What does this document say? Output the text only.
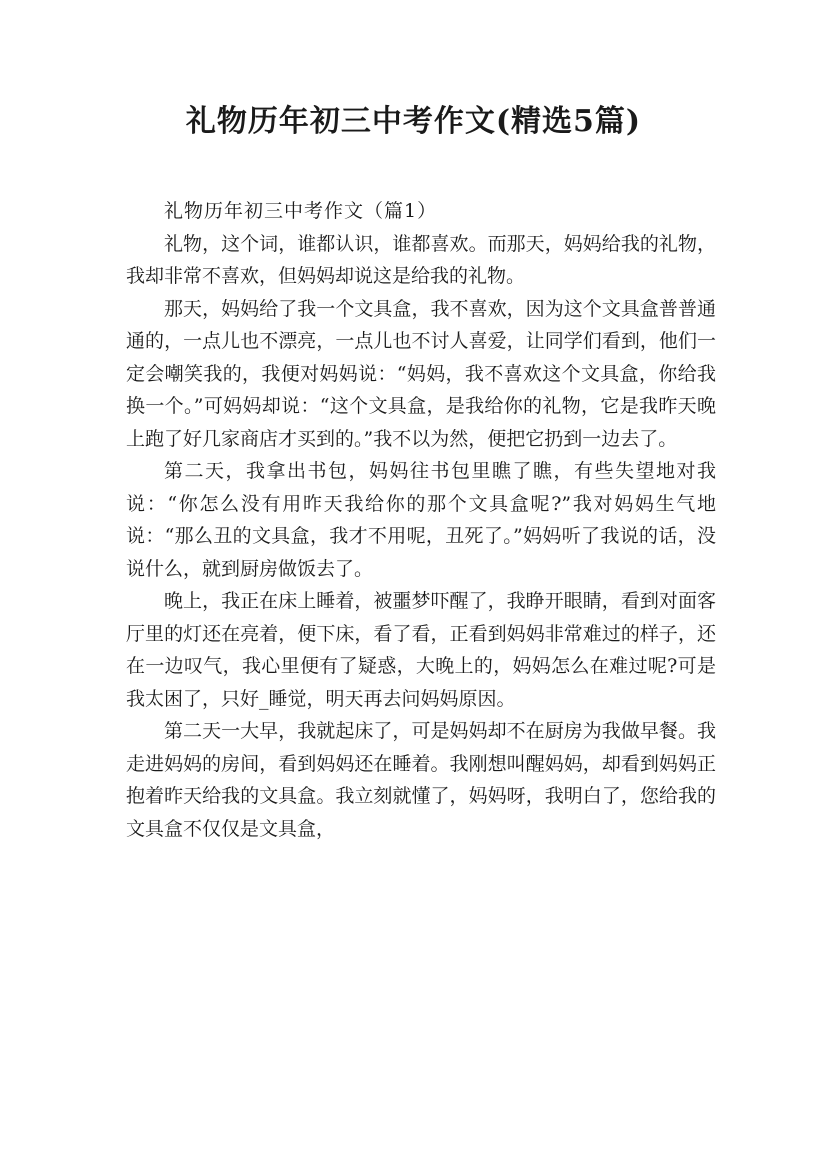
礼物历年初三中考作文(精选5篇)

礼物历年初三中考作文（篇1）

礼物，这个词，谁都认识，谁都喜欢。而那天，妈妈给我的礼物，我却非常不喜欢，但妈妈却说这是给我的礼物。

那天，妈妈给了我一个文具盒，我不喜欢，因为这个文具盒普普通通的，一点儿也不漂亮，一点儿也不讨人喜爱，让同学们看到，他们一定会嘲笑我的，我便对妈妈说：“妈妈，我不喜欢这个文具盒，你给我换一个。”可妈妈却说：“这个文具盒，是我给你的礼物，它是我昨天晚上跑了好几家商店才买到的。”我不以为然，便把它扔到一边去了。

第二天，我拿出书包，妈妈往书包里瞧了瞧，有些失望地对我说：“你怎么没有用昨天我给你的那个文具盒呢?”我对妈妈生气地说：“那么丑的文具盒，我才不用呢，丑死了。”妈妈听了我说的话，没说什么，就到厨房做饭去了。

晚上，我正在床上睡着，被噩梦吓醒了，我睁开眼睛，看到对面客厅里的灯还在亮着，便下床，看了看，正看到妈妈非常难过的样子，还在一边叹气，我心里便有了疑惑，大晚上的，妈妈怎么在难过呢?可是我太困了，只好_睡觉，明天再去问妈妈原因。

第二天一大早，我就起床了，可是妈妈却不在厨房为我做早餐。我走进妈妈的房间，看到妈妈还在睡着。我刚想叫醒妈妈，却看到妈妈正抱着昨天给我的文具盒。我立刻就懂了，妈妈呀，我明白了，您给我的文具盒不仅仅是文具盒，
